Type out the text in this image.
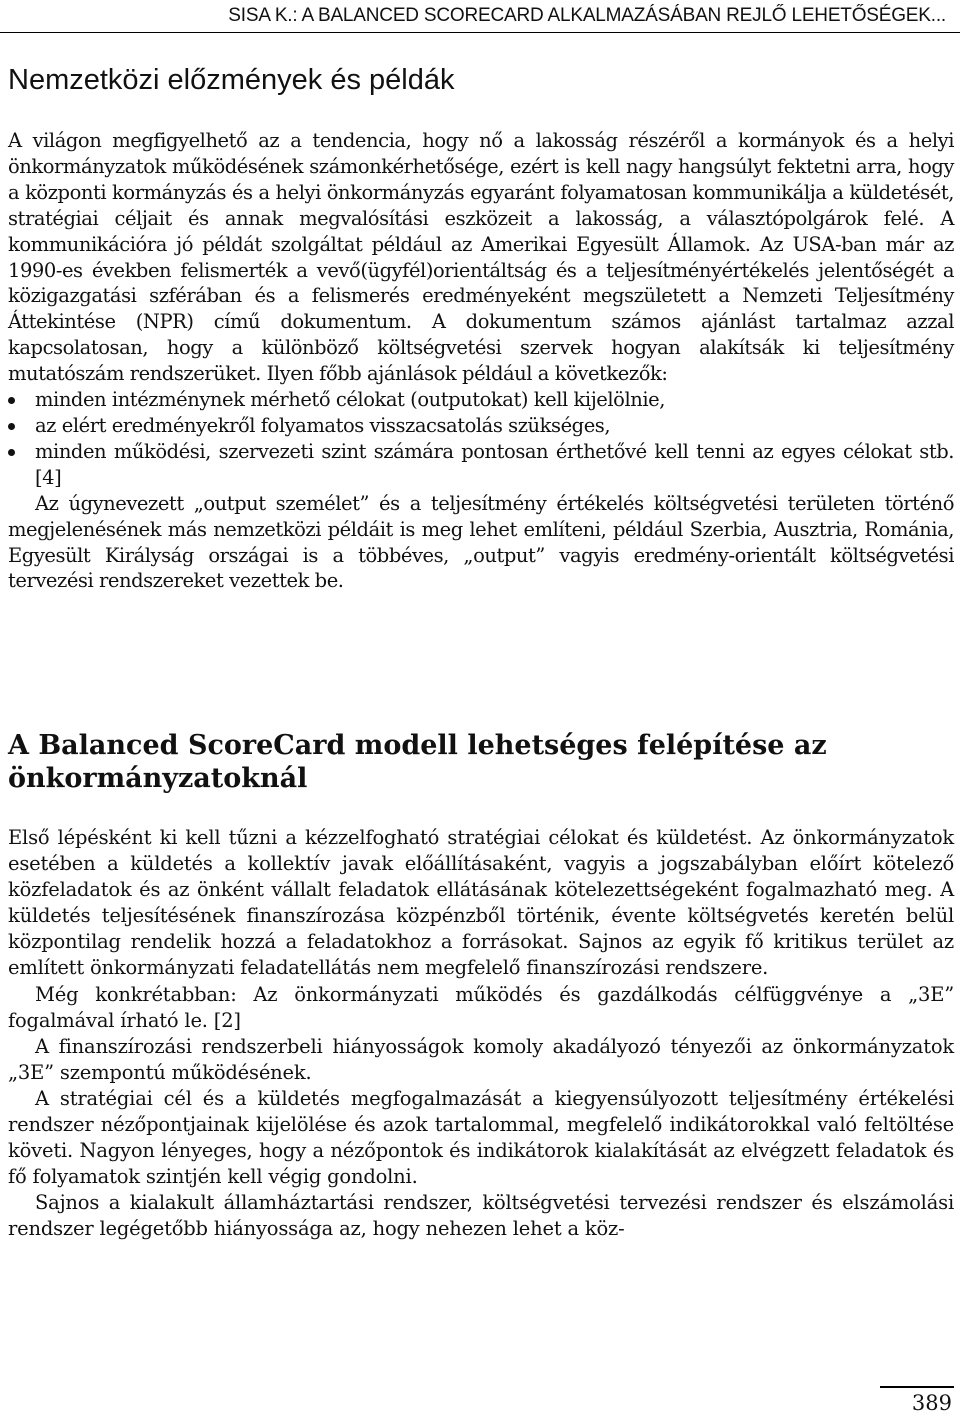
SISA K.: A BALANCED SCORECARD ALKALMAZÁSÁBAN REJLŐ LEHETŐSÉGEK...
Nemzetközi előzmények és példák

A világon megfigyelhető az a tendencia, hogy nő a lakosság részéről a kormányok és a helyi önkormányzatok működésének számonkérhetősége, ezért is kell nagy hangsúlyt fektetni arra, hogy a központi kormányzás és a helyi önkormányzás egyaránt folyamatosan kommunikálja a küldetését, stratégiai céljait és annak megvalósítási eszközeit a lakosság, a választópolgárok felé. A kommunikációra jó példát szolgáltat például az Amerikai Egyesült Államok. Az USA-ban már az 1990-es években felismerték a vevő(ügyfél)orientáltság és a teljesítményértékelés jelentőségét a közigazgatási szférában és a felismerés eredményeként megszületett a Nemzeti Teljesítmény Áttekintése (NPR) című dokumentum. A dokumentum számos ajánlást tartalmaz azzal kapcsolatosan, hogy a különböző költségvetési szervek hogyan alakítsák ki teljesítmény mutatószám rendszerüket. Ilyen főbb ajánlások például a következők:

minden intézménynek mérhető célokat (outputokat) kell kijelölnie,
az elért eredményekről folyamatos visszacsatolás szükséges,
minden működési, szervezeti szint számára pontosan érthetővé kell tenni az egyes célokat stb. [4]

Az úgynevezett „output személet” és a teljesítmény értékelés költségvetési területen történő megjelenésének más nemzetközi példáit is meg lehet említeni, például Szerbia, Ausztria, Románia, Egyesült Királyság országai is a többéves, „output” vagyis eredmény-orientált költségvetési tervezési rendszereket vezettek be.

A Balanced ScoreCard modell lehetséges felépítése az önkormányzatoknál

Első lépésként ki kell tűzni a kézzelfogható stratégiai célokat és küldetést. Az önkormányzatok esetében a küldetés a kollektív javak előállításaként, vagyis a jogszabályban előírt kötelező közfeladatok és az önként vállalt feladatok ellátásának kötelezettségeként fogalmazható meg. A küldetés teljesítésének finanszírozása közpénzből történik, évente költségvetés keretén belül központilag rendelik hozzá a feladatokhoz a forrásokat. Sajnos az egyik fő kritikus terület az említett önkormányzati feladatellátás nem megfelelő finanszírozási rendszere.

Még konkrétabban: Az önkormányzati működés és gazdálkodás célfüggvénye a „3E” fogalmával írható le. [2]

A finanszírozási rendszerbeli hiányosságok komoly akadályozó tényezői az önkormányzatok „3E” szempontú működésének.

A stratégiai cél és a küldetés megfogalmazását a kiegyensúlyozott teljesítmény értékelési rendszer nézőpontjainak kijelölése és azok tartalommal, megfelelő indikátorokkal való feltöltése követi. Nagyon lényeges, hogy a nézőpontok és indikátorok kialakítását az elvégzett feladatok és fő folyamatok szintjén kell végig gondolni.

Sajnos a kialakult államháztartási rendszer, költségvetési tervezési rendszer és elszámolási rendszer legégetőbb hiányossága az, hogy nehezen lehet a köz-

389
